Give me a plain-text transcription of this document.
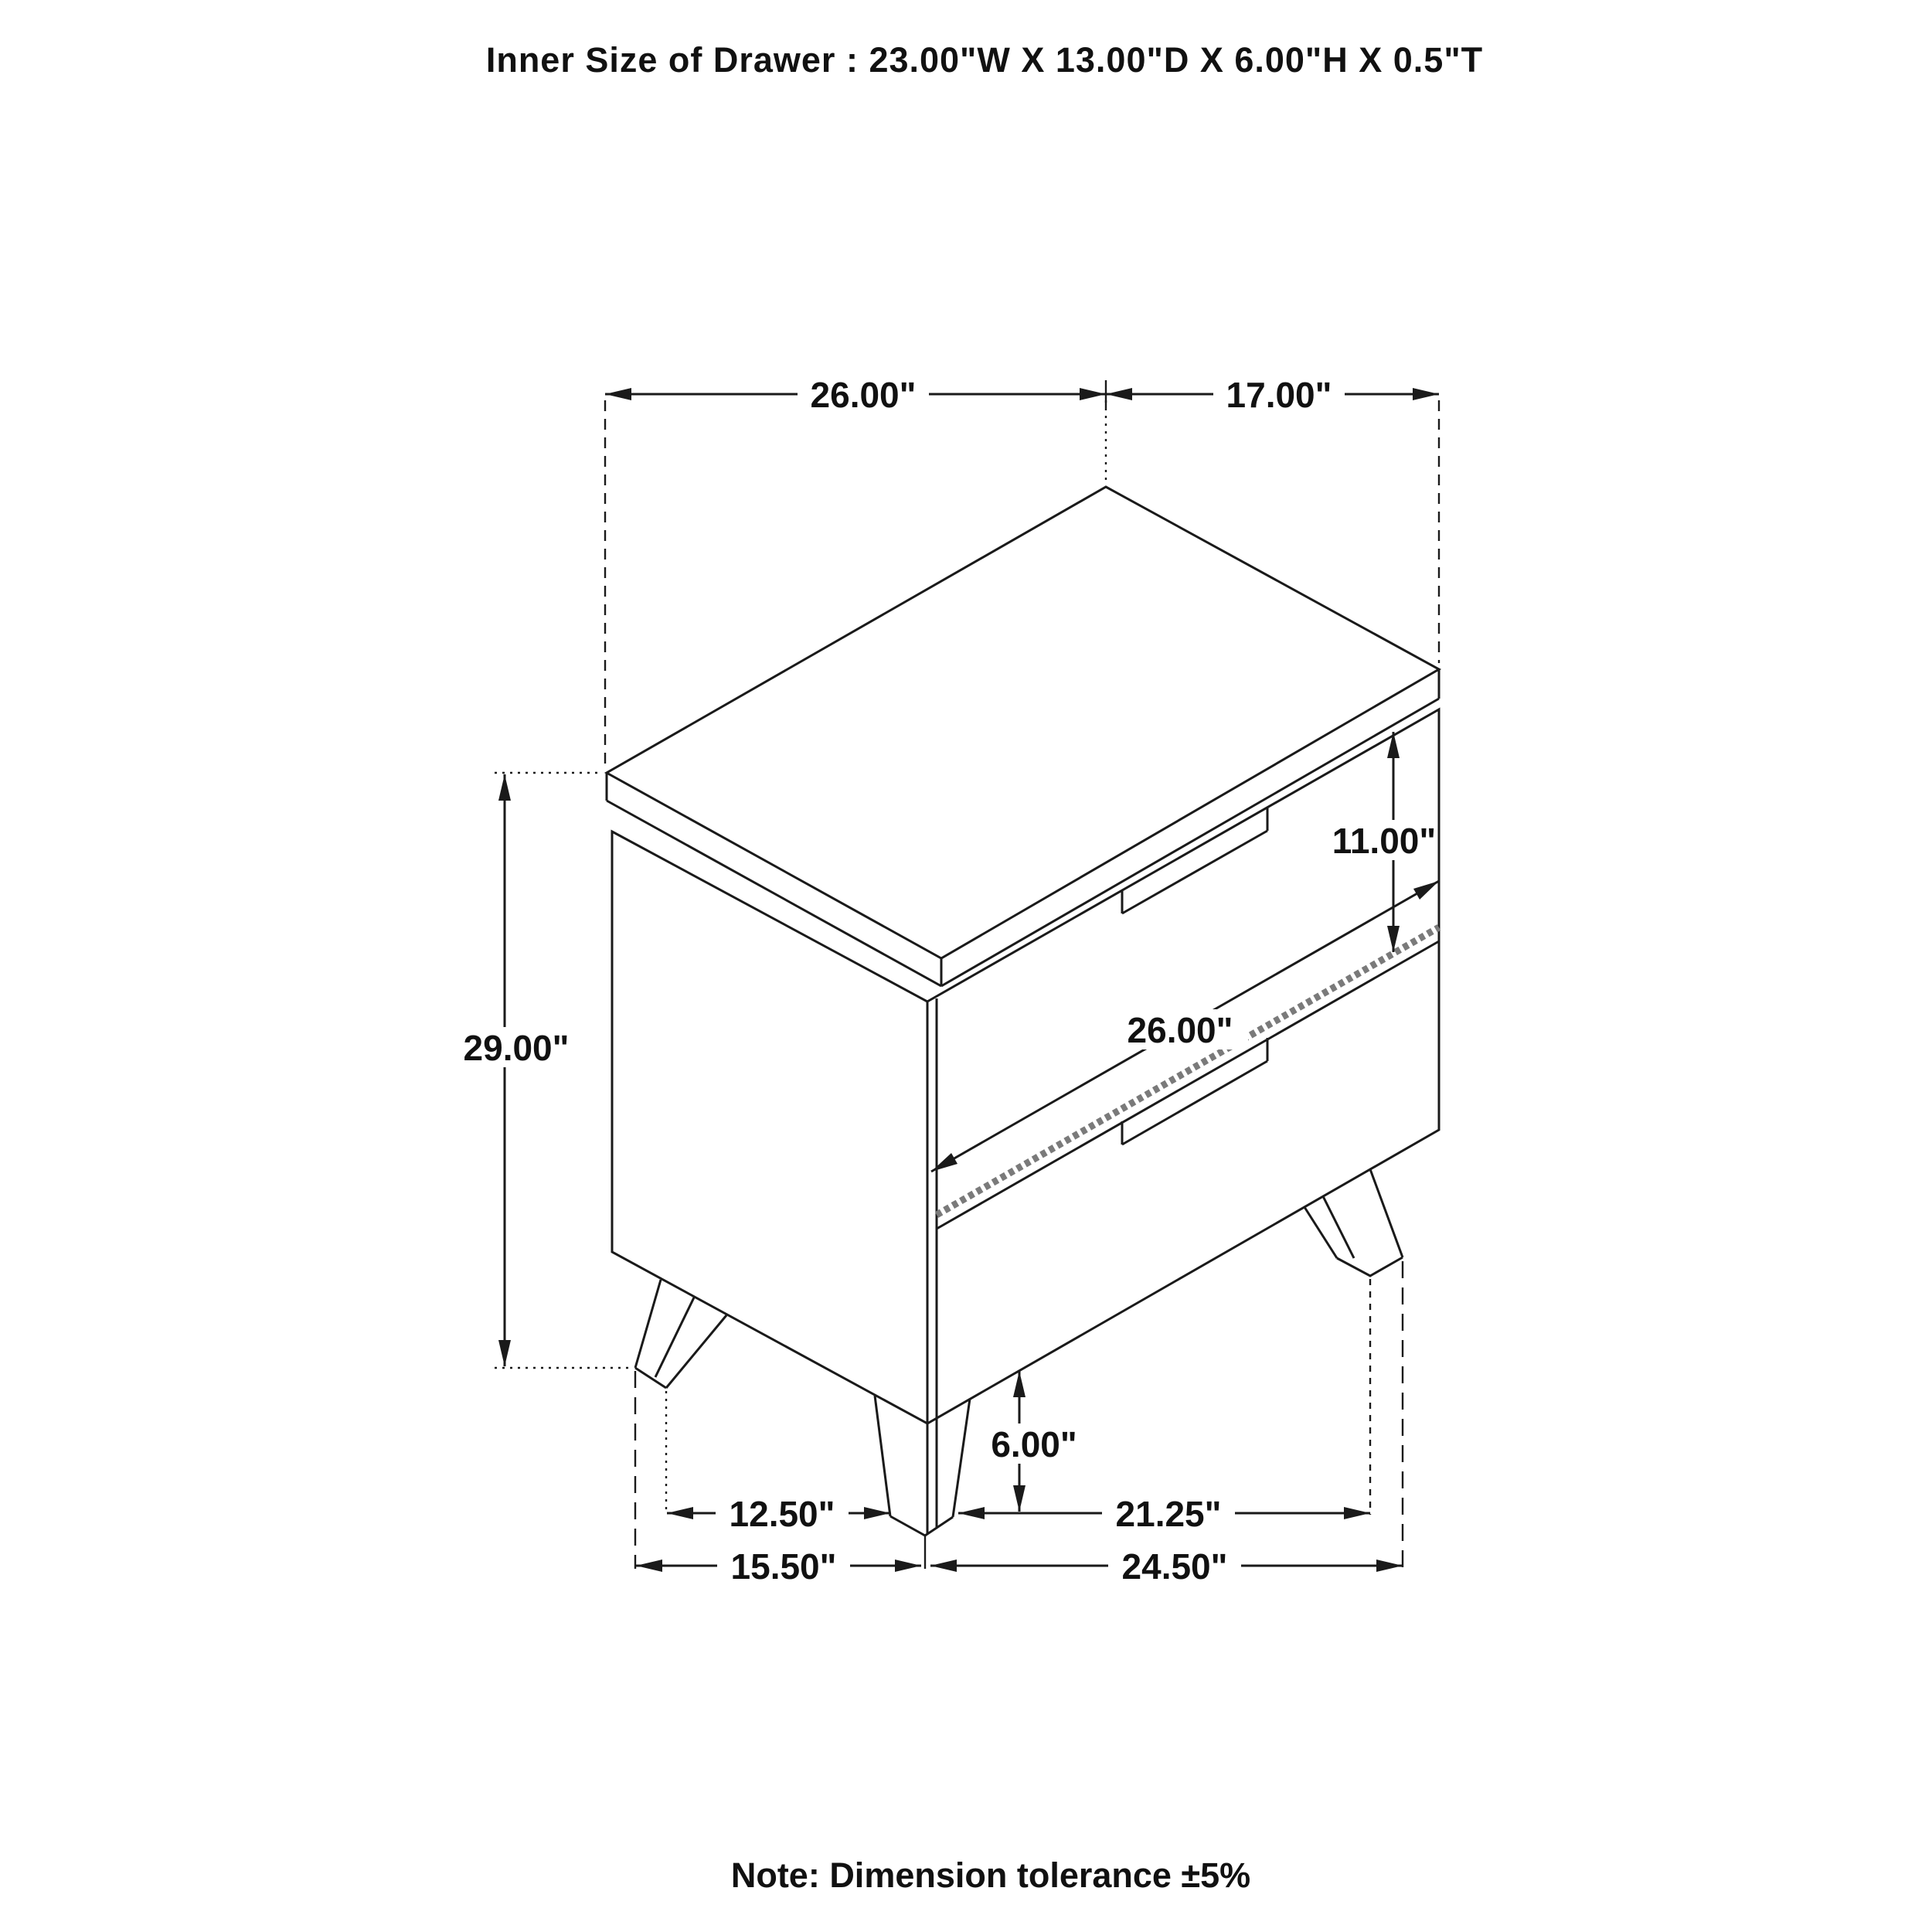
Inner Size of Drawer : 23.00"W X 13.00"D X 6.00"H X 0.5"T
26.00"	17.00"
29.00"
11.00"
26.00"
6.00"
12.50"	21.25"
15.50"	24.50"
Note: Dimension tolerance ±5%
